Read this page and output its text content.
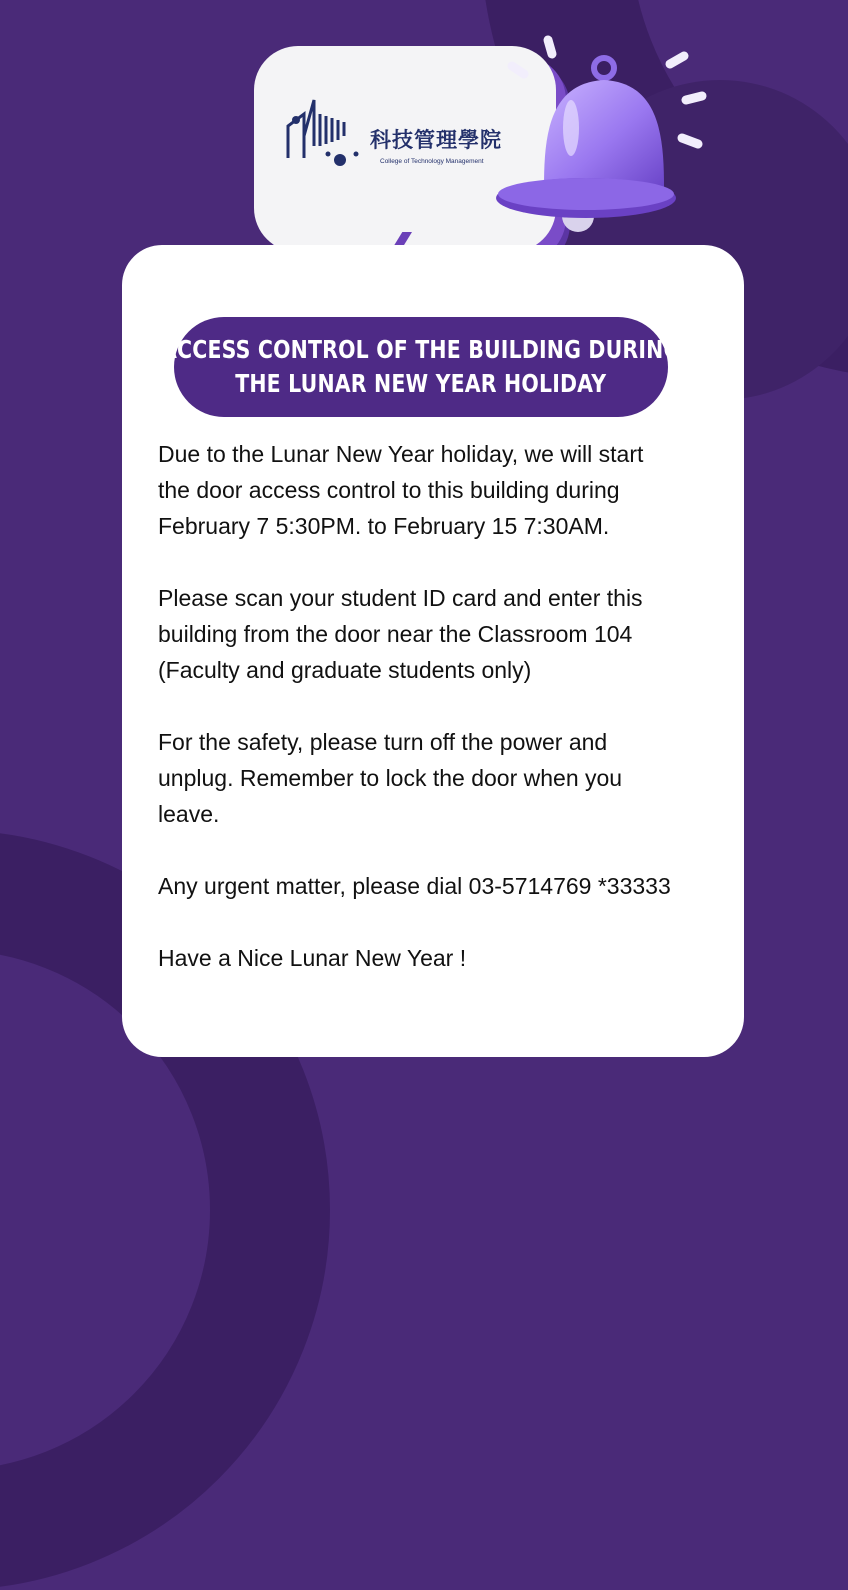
科技管理學院
College of Technology Management
ACCESS CONTROL OF THE BUILDING DURING
THE LUNAR NEW YEAR HOLIDAY

Due to the Lunar New Year holiday, we will start
the door access control to this building during
February 7 5:30PM. to February 15 7:30AM.

Please scan your student ID card and enter this
building from the door near the Classroom 104
(Faculty and graduate students only)

For the safety, please turn off the power and
unplug. Remember to lock the door when you
leave.

Any urgent matter, please dial 03-5714769 *33333

Have a Nice Lunar New Year !
